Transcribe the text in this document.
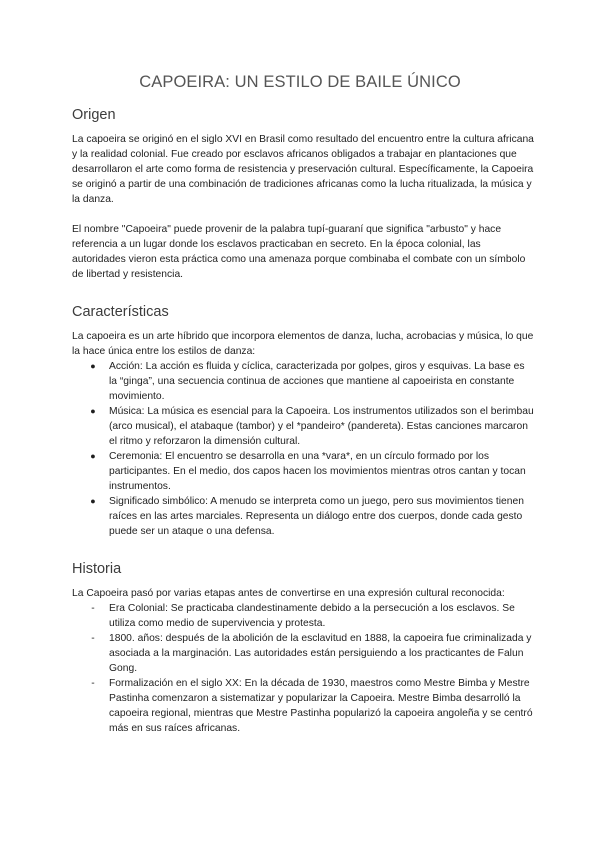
CAPOEIRA: UN ESTILO DE BAILE ÚNICO
Origen

La capoeira se originó en el siglo XVI en Brasil como resultado del encuentro entre la cultura africana y la realidad colonial. Fue creado por esclavos africanos obligados a trabajar en plantaciones que desarrollaron el arte como forma de resistencia y preservación cultural. Específicamente, la Capoeira se originó a partir de una combinación de tradiciones africanas como la lucha ritualizada, la música y la danza.

El nombre "Capoeira" puede provenir de la palabra tupí-guaraní que significa "arbusto" y hace referencia a un lugar donde los esclavos practicaban en secreto. En la época colonial, las autoridades vieron esta práctica como una amenaza porque combinaba el combate con un símbolo de libertad y resistencia.

Características

La capoeira es un arte híbrido que incorpora elementos de danza, lucha, acrobacias y música, lo que la hace única entre los estilos de danza:

●	Acción: La acción es fluida y cíclica, caracterizada por golpes, giros y esquivas. La base es la “ginga”, una secuencia continua de acciones que mantiene al capoeirista en constante movimiento.
●	Música: La música es esencial para la Capoeira. Los instrumentos utilizados son el berimbau (arco musical), el atabaque (tambor) y el *pandeiro* (pandereta). Estas canciones marcaron el ritmo y reforzaron la dimensión cultural.
●	Ceremonia: El encuentro se desarrolla en una *vara*, en un círculo formado por los participantes. En el medio, dos capos hacen los movimientos mientras otros cantan y tocan instrumentos.
●	Significado simbólico: A menudo se interpreta como un juego, pero sus movimientos tienen raíces en las artes marciales. Representa un diálogo entre dos cuerpos, donde cada gesto puede ser un ataque o una defensa.
Historia

La Capoeira pasó por varias etapas antes de convertirse en una expresión cultural reconocida:

-	Era Colonial: Se practicaba clandestinamente debido a la persecución a los esclavos. Se utiliza como medio de supervivencia y protesta.
-	1800. años: después de la abolición de la esclavitud en 1888, la capoeira fue criminalizada y asociada a la marginación. Las autoridades están persiguiendo a los practicantes de Falun Gong.
-	Formalización en el siglo XX: En la década de 1930, maestros como Mestre Bimba y Mestre Pastinha comenzaron a sistematizar y popularizar la Capoeira. Mestre Bimba desarrolló la capoeira regional, mientras que Mestre Pastinha popularizó la capoeira angoleña y se centró más en sus raíces africanas.
